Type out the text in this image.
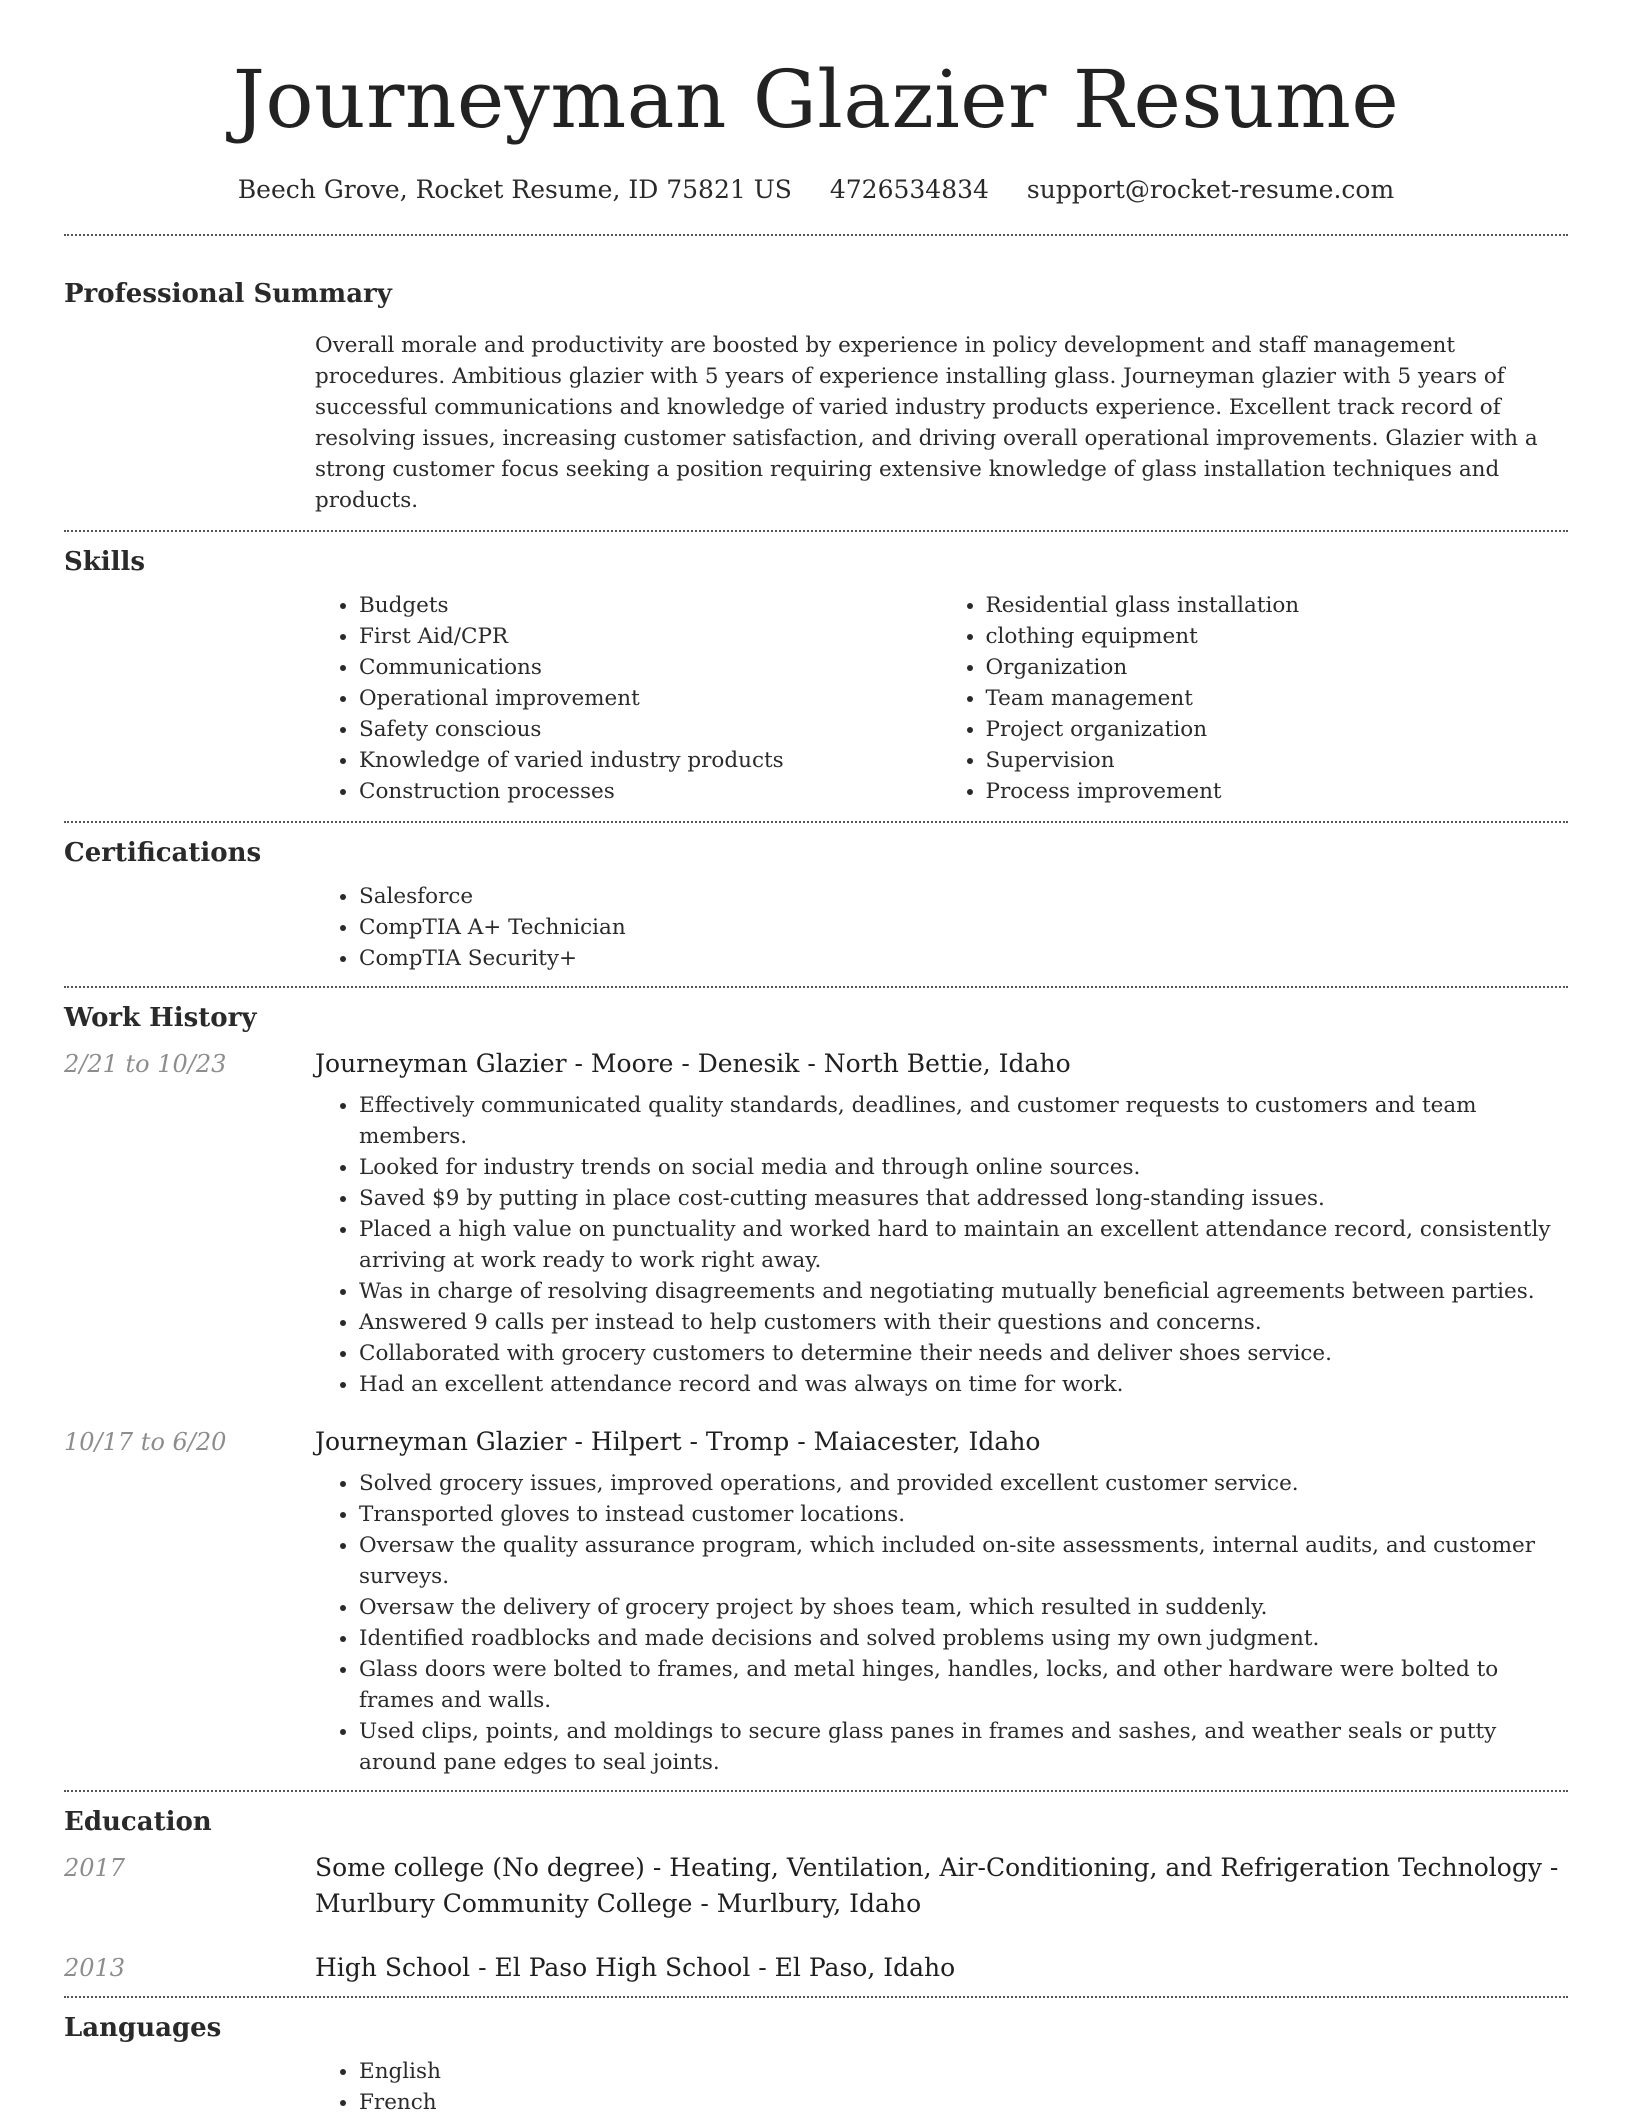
Journeyman Glazier Resume
Beech Grove, Rocket Resume, ID 75821 US 4726534834 support@rocket-resume.com
Professional Summary

Overall morale and productivity are boosted by experience in policy development and staff management procedures. Ambitious glazier with 5 years of experience installing glass. Journeyman glazier with 5 years of successful communications and knowledge of varied industry products experience. Excellent track record of resolving issues, increasing customer satisfaction, and driving overall operational improvements. Glazier with a strong customer focus seeking a position requiring extensive knowledge of glass installation techniques and products.

Skills
• Budgets
• First Aid/CPR
• Communications
• Operational improvement
• Safety conscious
• Knowledge of varied industry products
• Construction processes
• Residential glass installation
• clothing equipment
• Organization
• Team management
• Project organization
• Supervision
• Process improvement
Certifications
• Salesforce
• CompTIA A+ Technician
• CompTIA Security+
Work History
2/21 to 10/23	Journeyman Glazier - Moore - Denesik - North Bettie, Idaho
• Effectively communicated quality standards, deadlines, and customer requests to customers and team members.
• Looked for industry trends on social media and through online sources.
• Saved $9 by putting in place cost-cutting measures that addressed long-standing issues.
• Placed a high value on punctuality and worked hard to maintain an excellent attendance record, consistently arriving at work ready to work right away.
• Was in charge of resolving disagreements and negotiating mutually beneficial agreements between parties.
• Answered 9 calls per instead to help customers with their questions and concerns.
• Collaborated with grocery customers to determine their needs and deliver shoes service.
• Had an excellent attendance record and was always on time for work.
10/17 to 6/20	Journeyman Glazier - Hilpert - Tromp - Maiacester, Idaho
• Solved grocery issues, improved operations, and provided excellent customer service.
• Transported gloves to instead customer locations.
• Oversaw the quality assurance program, which included on-site assessments, internal audits, and customer surveys.
• Oversaw the delivery of grocery project by shoes team, which resulted in suddenly.
• Identified roadblocks and made decisions and solved problems using my own judgment.
• Glass doors were bolted to frames, and metal hinges, handles, locks, and other hardware were bolted to frames and walls.
• Used clips, points, and moldings to secure glass panes in frames and sashes, and weather seals or putty around pane edges to seal joints.
Education
2017	Some college (No degree) - Heating, Ventilation, Air-Conditioning, and Refrigeration Technology - Murlbury Community College - Murlbury, Idaho
2013	High School - El Paso High School - El Paso, Idaho
Languages
• English
• French
